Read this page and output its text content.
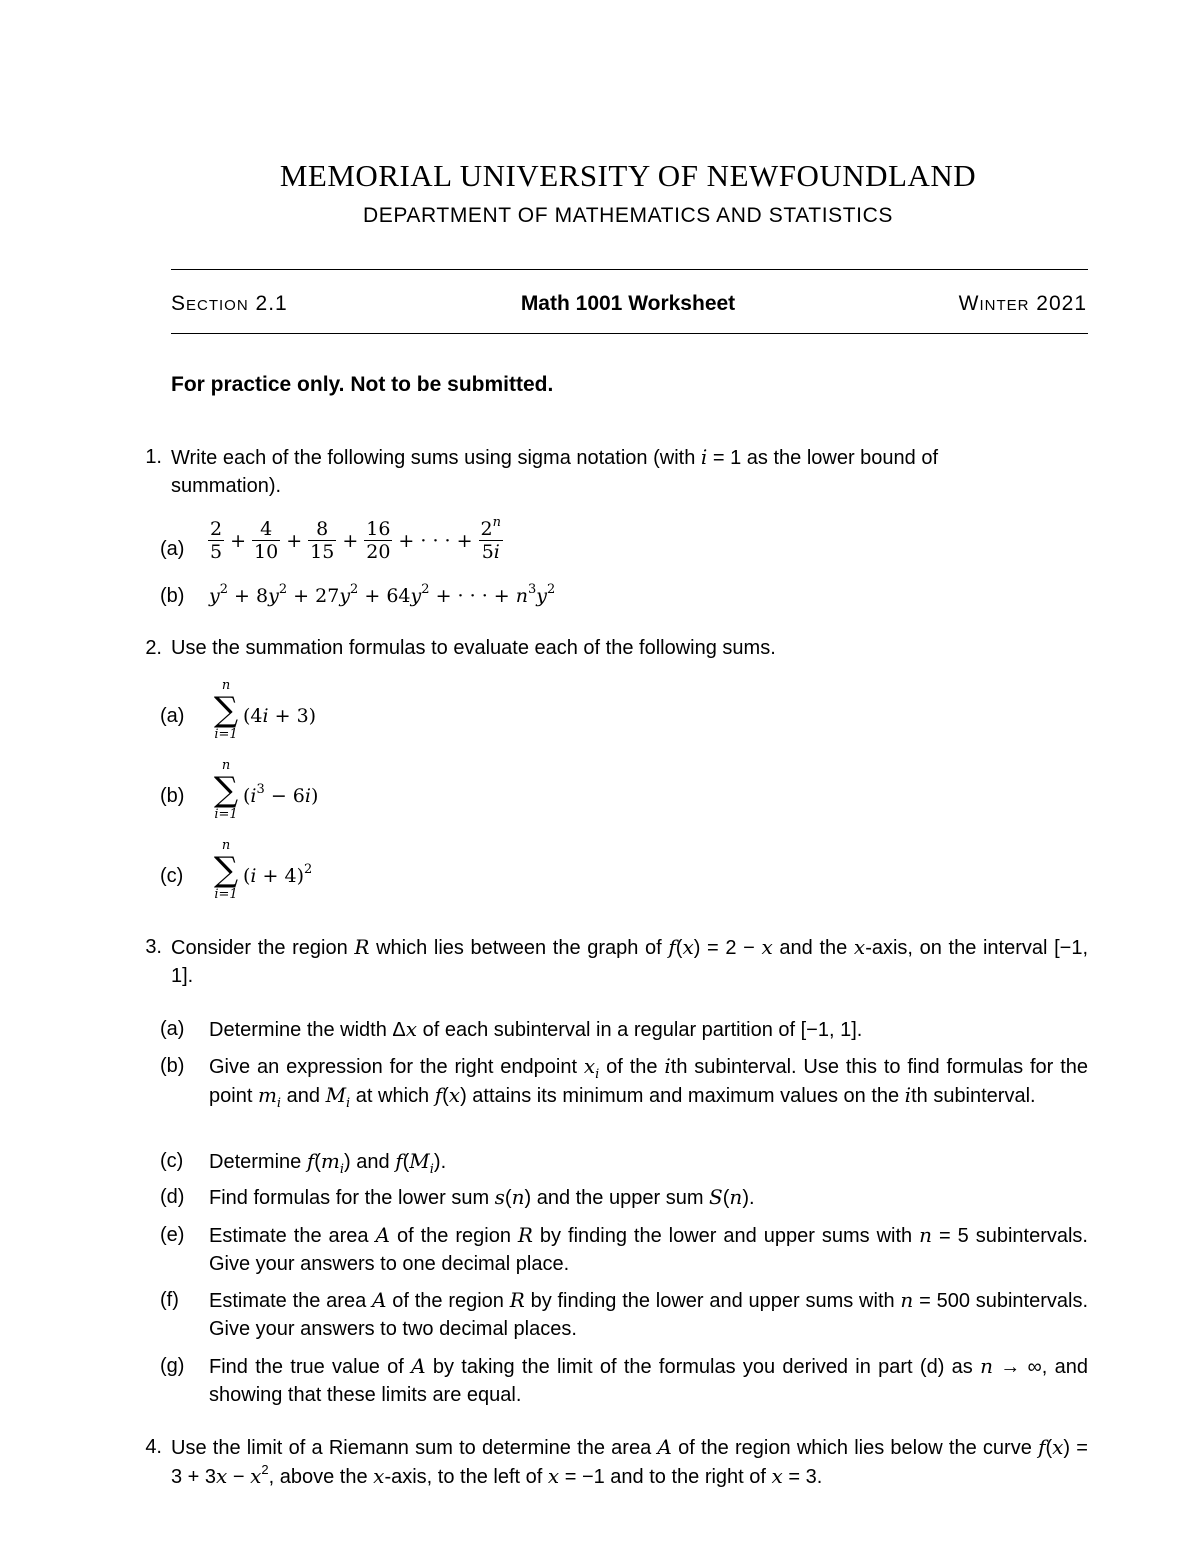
MEMORIAL UNIVERSITY OF NEWFOUNDLAND
DEPARTMENT OF MATHEMATICS AND STATISTICS
Section 2.1	Math 1001 Worksheet	Winter 2021
For practice only. Not to be submitted.
1. Write each of the following sums using sigma notation (with i = 1 as the lower bound of
summation).
(a)	$\frac{2}{5} + \frac{4}{10} + \frac{8}{15} + \frac{16}{20}$ + · · · + $\frac{2^n}{5i}$
(b)	$y^2 + 8y^2 + 27y^2 + 64y^2$ + · · · + $n^3y^2$
2. Use the summation formulas to evaluate each of the following sums.
(a)
n
∑
i=1
(4i + 3)
(b)
n
∑
i=1
$(i^3 - 6i)$
(c)
n
∑
i=1
$(i + 4)^2$
3. Consider the region R which lies between the graph of f(x) = 2 − x and the x-axis, on the interval [−1, 1].
(a)	Determine the width Δx of each subinterval in a regular partition of [−1, 1].
(b)	Give an expression for the right endpoint $x_i$ of the ith subinterval. Use this to find formulas for the point $m_i$ and $M_i$ at which f(x) attains its minimum and maximum values on the ith subinterval.
(c)	Determine $f(m_i)$ and $f(M_i)$.
(d)	Find formulas for the lower sum s(n) and the upper sum S(n).
(e)	Estimate the area A of the region R by finding the lower and upper sums with n = 5 subintervals. Give your answers to one decimal place.
(f)	Estimate the area A of the region R by finding the lower and upper sums with n = 500 subintervals. Give your answers to two decimal places.
(g)	Find the true value of A by taking the limit of the formulas you derived in part (d) as n → ∞, and showing that these limits are equal.
4. Use the limit of a Riemann sum to determine the area A of the region which lies below the curve $f(x) = 3 + 3x - x^2$, above the x-axis, to the left of x = −1 and to the right of x = 3.
